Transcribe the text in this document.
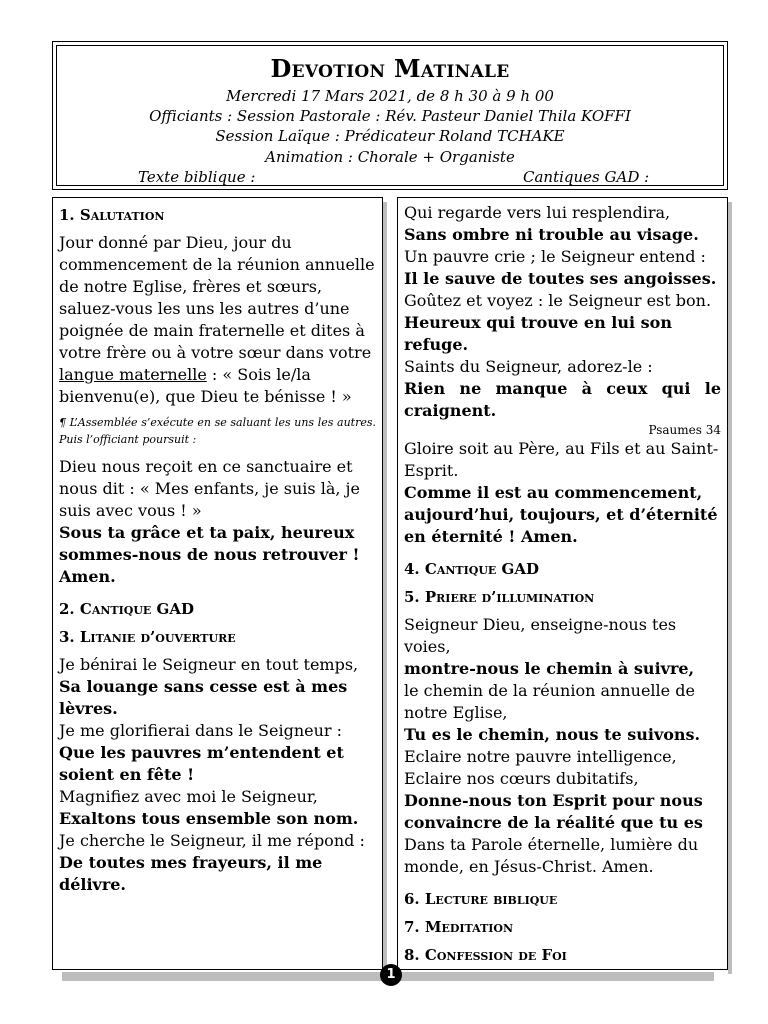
Devotion Matinale
Mercredi 17 Mars 2021, de 8 h 30 à 9 h 00
Officiants : Session Pastorale : Rév. Pasteur Daniel Thila KOFFI
Session Laïque : Prédicateur Roland TCHAKE
Animation : Chorale + Organiste
Texte biblique :	Cantiques GAD :
1. Salutation

Jour donné par Dieu, jour du commencement de la réunion annuelle de notre Eglise, frères et sœurs, saluez-vous les uns les autres d’une poignée de main fraternelle et dites à votre frère ou à votre sœur dans votre langue maternelle : « Sois le/la bienvenu(e), que Dieu te bénisse ! »

¶ L’Assemblée s’exécute en se saluant les uns les autres. Puis l’officiant poursuit :

Dieu nous reçoit en ce sanctuaire et nous dit : « Mes enfants, je suis là, je suis avec vous ! »

Sous ta grâce et ta paix, heureux sommes-nous de nous retrouver ! Amen.

2. Cantique GAD
3. Litanie d’ouverture

Je bénirai le Seigneur en tout temps,

Sa louange sans cesse est à mes lèvres.

Je me glorifierai dans le Seigneur :

Que les pauvres m’entendent et soient en fête !

Magnifiez avec moi le Seigneur,

Exaltons tous ensemble son nom.

Je cherche le Seigneur, il me répond :

De toutes mes frayeurs, il me délivre.

Qui regarde vers lui resplendira,

Sans ombre ni trouble au visage.

Un pauvre crie ; le Seigneur entend :

Il le sauve de toutes ses angoisses.

Goûtez et voyez : le Seigneur est bon.

Heureux qui trouve en lui son refuge.

Saints du Seigneur, adorez-le :

Rien ne manque à ceux qui le craignent.

Psaumes 34

Gloire soit au Père, au Fils et au Saint-Esprit.

Comme il est au commencement, aujourd’hui, toujours, et d’éternité en éternité ! Amen.

4. Cantique GAD
5. Priere d’illumination

Seigneur Dieu, enseigne-nous tes voies,

montre-nous le chemin à suivre,

le chemin de la réunion annuelle de notre Eglise,

Tu es le chemin, nous te suivons.

Eclaire notre pauvre intelligence,

Eclaire nos cœurs dubitatifs,

Donne-nous ton Esprit pour nous convaincre de la réalité que tu es

Dans ta Parole éternelle, lumière du monde, en Jésus-Christ. Amen.

6. Lecture biblique
7. Meditation
8. Confession de Foi
1
